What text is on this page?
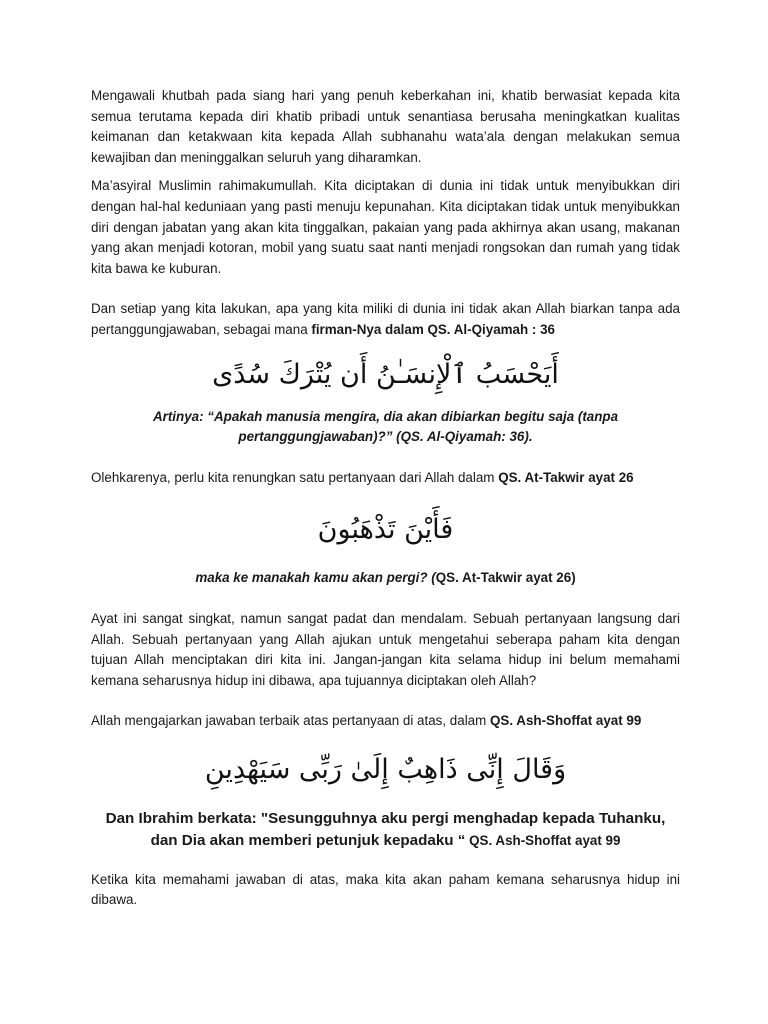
Mengawali khutbah pada siang hari yang penuh keberkahan ini, khatib berwasiat kepada kita semua terutama kepada diri khatib pribadi untuk senantiasa berusaha meningkatkan kualitas keimanan dan ketakwaan kita kepada Allah subhanahu wata’ala dengan melakukan semua kewajiban dan meninggalkan seluruh yang diharamkan.

Ma’asyiral Muslimin rahimakumullah. Kita diciptakan di dunia ini tidak untuk menyibukkan diri dengan hal-hal keduniaan yang pasti menuju kepunahan. Kita diciptakan tidak untuk menyibukkan diri dengan jabatan yang akan kita tinggalkan, pakaian yang pada akhirnya akan usang, makanan yang akan menjadi kotoran, mobil yang suatu saat nanti menjadi rongsokan dan rumah yang tidak kita bawa ke kuburan.

Dan setiap yang kita lakukan, apa yang kita miliki di dunia ini tidak akan Allah biarkan tanpa ada pertanggungjawaban, sebagai mana firman-Nya dalam QS. Al-Qiyamah : 36

أَيَحْسَبُ ٱلْإِنسَـٰنُ أَن يُتْرَكَ سُدًى

Artinya: “Apakah manusia mengira, dia akan dibiarkan begitu saja (tanpa pertanggungjawaban)?” (QS. Al-Qiyamah: 36).

Olehkarenya, perlu kita renungkan satu pertanyaan dari Allah dalam QS. At-Takwir ayat 26

فَأَيْنَ تَذْهَبُونَ

maka ke manakah kamu akan pergi? (QS. At-Takwir ayat 26)

Ayat ini sangat singkat, namun sangat padat dan mendalam. Sebuah pertanyaan langsung dari Allah. Sebuah pertanyaan yang Allah ajukan untuk mengetahui seberapa paham kita dengan tujuan Allah menciptakan diri kita ini. Jangan-jangan kita selama hidup ini belum memahami kemana seharusnya hidup ini dibawa, apa tujuannya diciptakan oleh Allah?

Allah mengajarkan jawaban terbaik atas pertanyaan di atas, dalam QS. Ash-Shoffat ayat 99

وَقَالَ إِنِّى ذَاهِبٌ إِلَىٰ رَبِّى سَيَهْدِينِ

Dan Ibrahim berkata: "Sesungguhnya aku pergi menghadap kepada Tuhanku, dan Dia akan memberi petunjuk kepadaku “ QS. Ash-Shoffat ayat 99

Ketika kita memahami jawaban di atas, maka kita akan paham kemana seharusnya hidup ini dibawa.
